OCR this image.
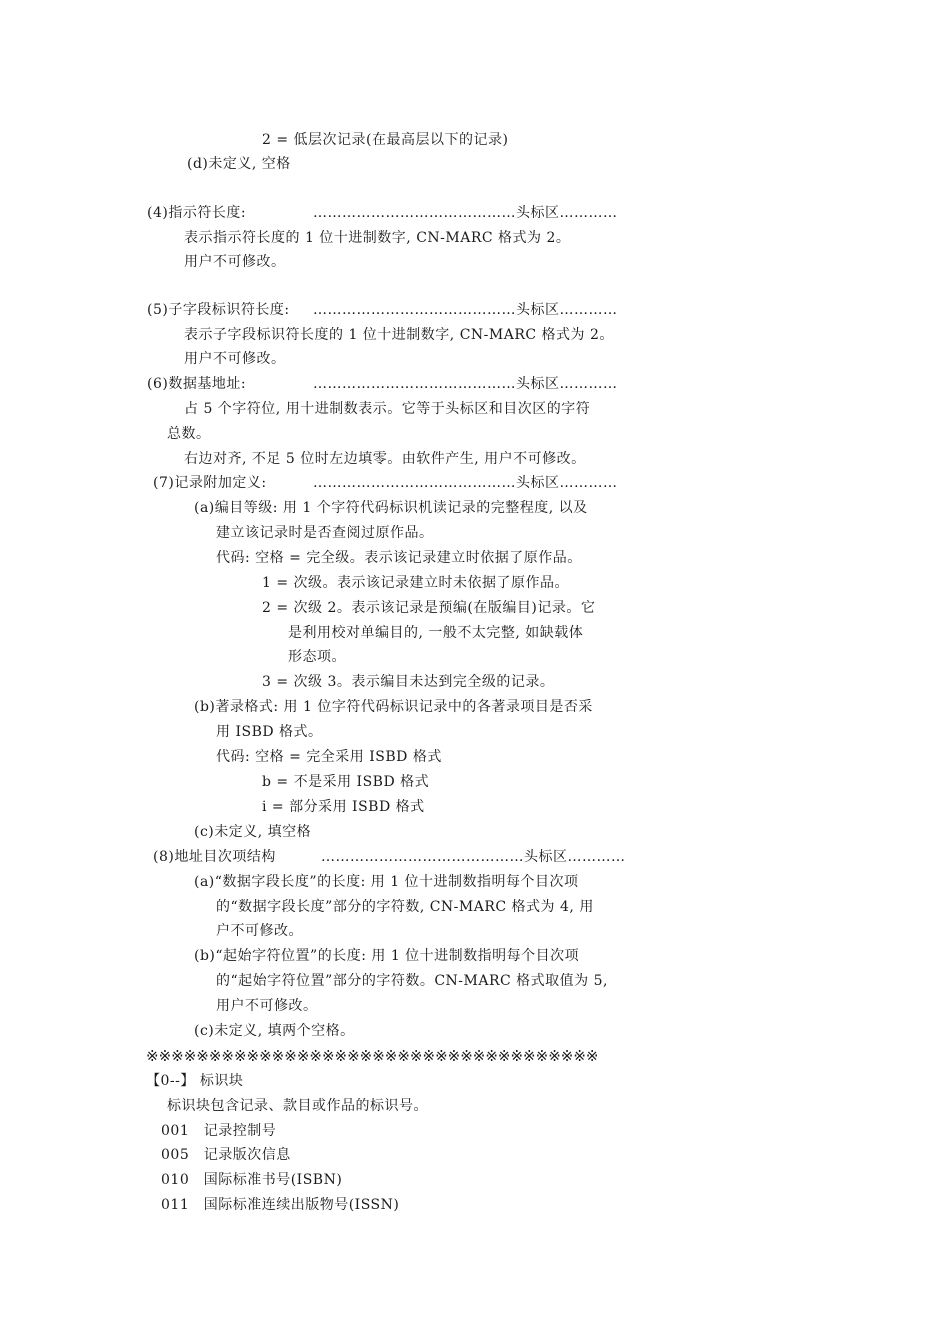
2 = 低层次记录(在最高层以下的记录)
(d)未定义, 空格
(4)指示符长度:	……………………………………头标区…………
表示指示符长度的 1 位十进制数字, CN-MARC 格式为 2。
用户不可修改。
(5)子字段标识符长度: ……………………………………头标区…………
表示子字段标识符长度的 1 位十进制数字, CN-MARC 格式为 2。
用户不可修改。
(6)数据基地址:	……………………………………头标区…………
占 5 个字符位, 用十进制数表示。它等于头标区和目次区的字符
总数。
右边对齐, 不足 5 位时左边填零。由软件产生, 用户不可修改。
(7)记录附加定义:	……………………………………头标区…………
(a)编目等级: 用 1 个字符代码标识机读记录的完整程度, 以及
建立该记录时是否查阅过原作品。
代码: 空格 = 完全级。表示该记录建立时依据了原作品。
1 = 次级。表示该记录建立时未依据了原作品。
2 = 次级 2。表示该记录是预编(在版编目)记录。它
是利用校对单编目的, 一般不太完整, 如缺载体
形态项。
3 = 次级 3。表示编目未达到完全级的记录。
(b)著录格式: 用 1 位字符代码标识记录中的各著录项目是否采
用 ISBD 格式。
代码: 空格 = 完全采用 ISBD 格式
b = 不是采用 ISBD 格式
i = 部分采用 ISBD 格式
(c)未定义, 填空格
(8)地址目次项结构	……………………………………头标区…………
(a)“数据字段长度”的长度: 用 1 位十进制数指明每个目次项
的“数据字段长度”部分的字符数, CN-MARC 格式为 4, 用
户不可修改。
(b)“起始字符位置”的长度: 用 1 位十进制数指明每个目次项
的“起始字符位置”部分的字符数。CN-MARC 格式取值为 5,
用户不可修改。
(c)未定义, 填两个空格。
※※※※※※※※※※※※※※※※※※※※※※※※※※※※※※※※※※※※
【0--】 标识块
标识块包含记录、款目或作品的标识号。
001　记录控制号
005　记录版次信息
010　国际标准书号(ISBN)
011　国际标准连续出版物号(ISSN)
